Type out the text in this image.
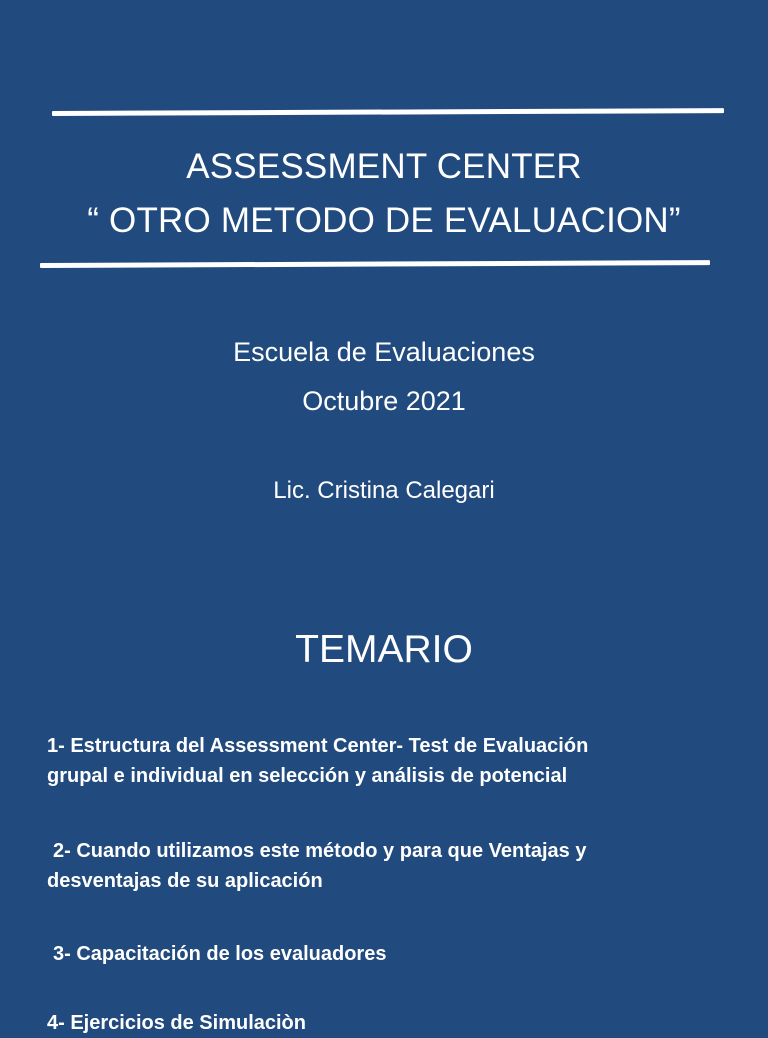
ASSESSMENT CENTER
“ OTRO METODO DE EVALUACION”
Escuela de Evaluaciones
Octubre 2021
Lic. Cristina Calegari
TEMARIO
1- Estructura del Assessment Center- Test de Evaluación
grupal e individual en selección y análisis de potencial
2- Cuando utilizamos este método y para que Ventajas y
desventajas de su aplicación
3- Capacitación de los evaluadores
4- Ejercicios de Simulaciòn
